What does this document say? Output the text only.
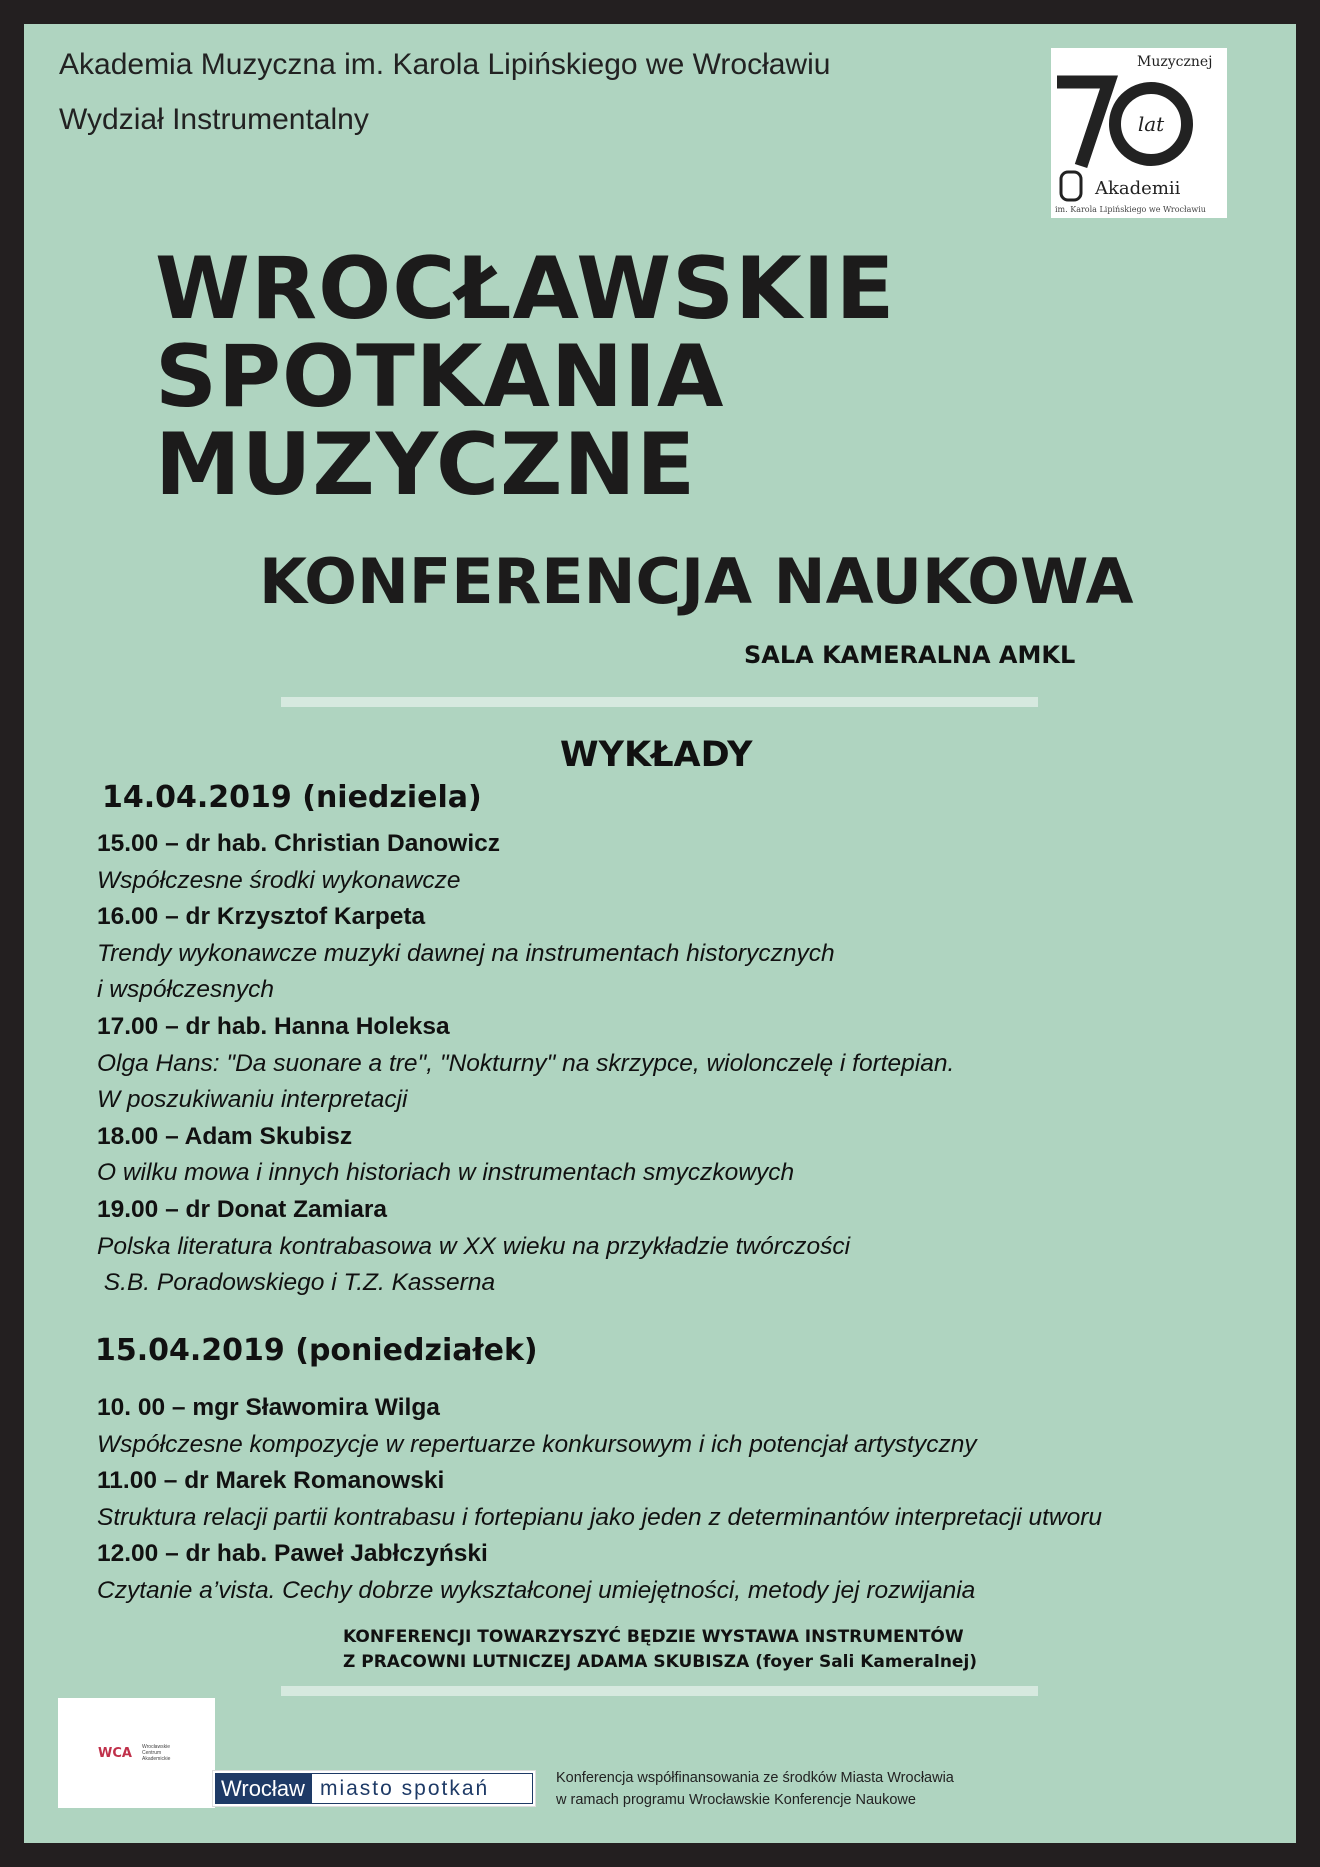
Akademia Muzyczna im. Karola Lipińskiego we Wrocławiu
Wydział Instrumentalny
Muzycznej
lat
Akademii
im. Karola Lipińskiego we Wrocławiu
WROCŁAWSKIE
SPOTKANIA
MUZYCZNE
KONFERENCJA NAUKOWA
SALA KAMERALNA AMKL
WYKŁADY
14.04.2019 (niedziela)
15.00 – dr hab. Christian Danowicz
Współczesne środki wykonawcze
16.00 – dr Krzysztof Karpeta
Trendy wykonawcze muzyki dawnej na instrumentach historycznych
i współczesnych
17.00 – dr hab. Hanna Holeksa
Olga Hans: "Da suonare a tre", "Nokturny" na skrzypce, wiolonczelę i fortepian.
W poszukiwaniu interpretacji
18.00 – Adam Skubisz
O wilku mowa i innych historiach w instrumentach smyczkowych
19.00 – dr Donat Zamiara
Polska literatura kontrabasowa w XX wieku na przykładzie twórczości
S.B. Poradowskiego i T.Z. Kasserna
15.04.2019 (poniedziałek)
10. 00 – mgr Sławomira Wilga
Współczesne kompozycje w repertuarze konkursowym i ich potencjał artystyczny
11.00 – dr Marek Romanowski
Struktura relacji partii kontrabasu i fortepianu jako jeden z determinantów interpretacji utworu
12.00 – dr hab. Paweł Jabłczyński
Czytanie a’vista. Cechy dobrze wykształconej umiejętności, metody jej rozwijania
KONFERENCJI TOWARZYSZYĆ BĘDZIE WYSTAWA INSTRUMENTÓW
Z PRACOWNI LUTNICZEJ ADAMA SKUBISZA (foyer Sali Kameralnej)
WCA Wrocławskie Centrum Akademickie
Wrocław miasto spotkań	Konferencja współfinansowania ze środków Miasta Wrocławia
w ramach programu Wrocławskie Konferencje Naukowe
